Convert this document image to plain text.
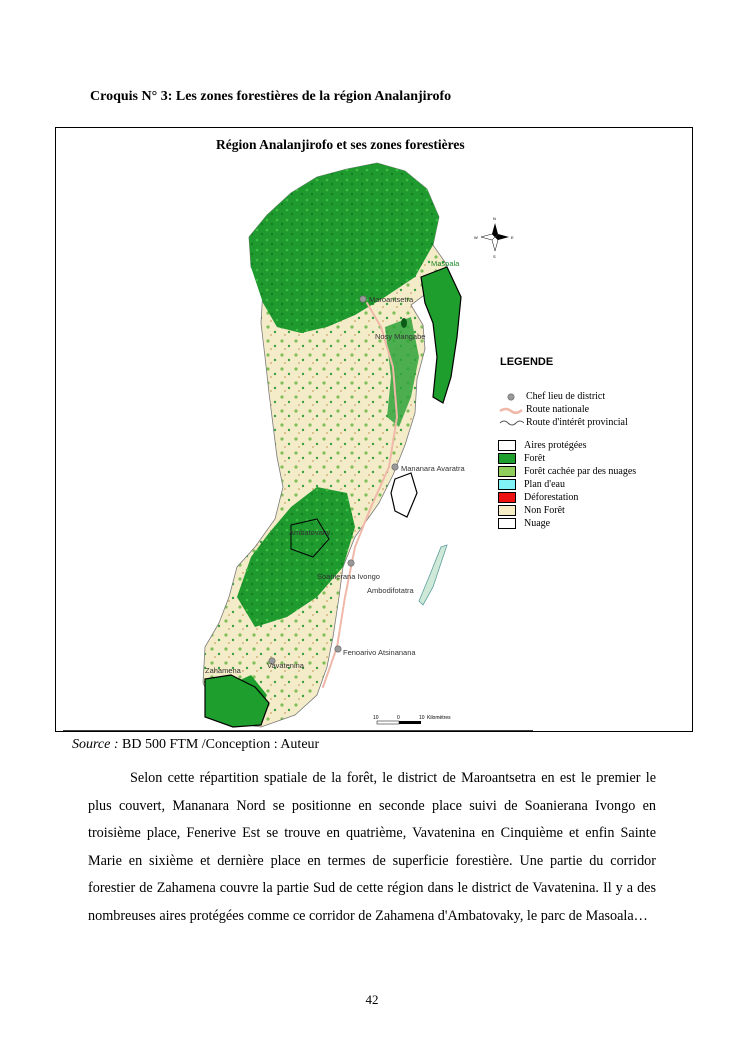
Croquis N° 3: Les zones forestières de la région Analanjirofo
Région Analanjirofo et ses zones forestières
Masoala
Maroantsetra
Nosy Mangabe
Mananara Avaratra
Ambatovaky
Soanierana Ivongo
Ambodifotatra
Fenoarivo Atsinanana
Vavatenina
Zahamena
N
S
W	E
10	0	10 Kilomètres
LEGENDE
Chef lieu de district
Route nationale
Route d'intérêt provincial
Aires protégées
Forêt
Forêt cachée par des nuages
Plan d'eau
Déforestation
Non Forêt
Nuage
Source : BD 500 FTM /Conception : Auteur
Selon cette répartition spatiale de la forêt, le district de Maroantsetra en est le premier le plus couvert, Mananara Nord se positionne en seconde place suivi de Soanierana Ivongo en troisième place, Fenerive Est se trouve en quatrième, Vavatenina en Cinquième et enfin Sainte Marie en sixième et dernière place en termes de superficie forestière. Une partie du corridor forestier de Zahamena couvre la partie Sud de cette région dans le district de Vavatenina. Il y a des nombreuses aires protégées comme ce corridor de Zahamena d'Ambatovaky, le parc de Masoala…
42
